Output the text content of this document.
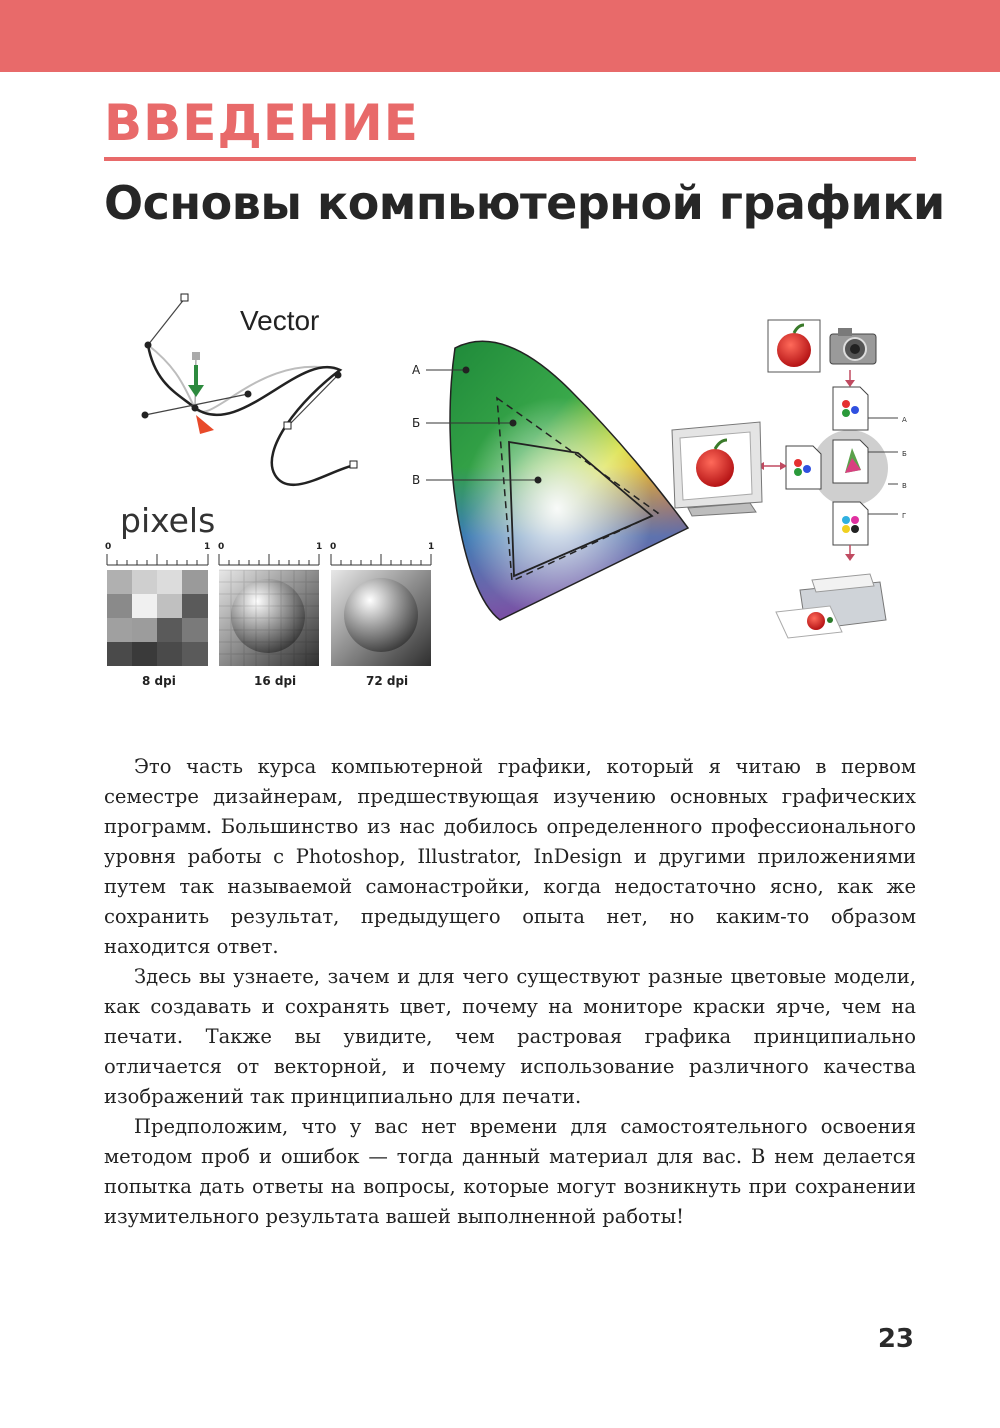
ВВЕДЕНИЕ
Основы компьютерной графики
Vector
pixels
0	1
8 dpi
0	1
16 dpi
0	1
72 dpi
А
Б
В
А
Б
В
Г

Это часть курса компьютерной графики, который я читаю в первом семестре дизайнерам, предшествующая изучению основных графических программ. Большинство из нас добилось определенного профессионального уровня работы с Photoshop, Illustrator, InDesign и другими приложениями путем так называемой самонастройки, когда недостаточно ясно, как же сохранить результат, предыдущего опыта нет, но каким-то образом находится ответ.

Здесь вы узнаете, зачем и для чего существуют разные цветовые модели, как создавать и сохранять цвет, почему на мониторе краски ярче, чем на печати. Также вы увидите, чем растровая графика принципиально отличается от векторной, и почему использование различного качества изображений так принципиально для печати.

Предположим, что у вас нет времени для самостоятельного освоения методом проб и ошибок — тогда данный материал для вас. В нем делается попытка дать ответы на вопросы, которые могут возникнуть при сохранении изумительного результата вашей выполненной работы!

23
